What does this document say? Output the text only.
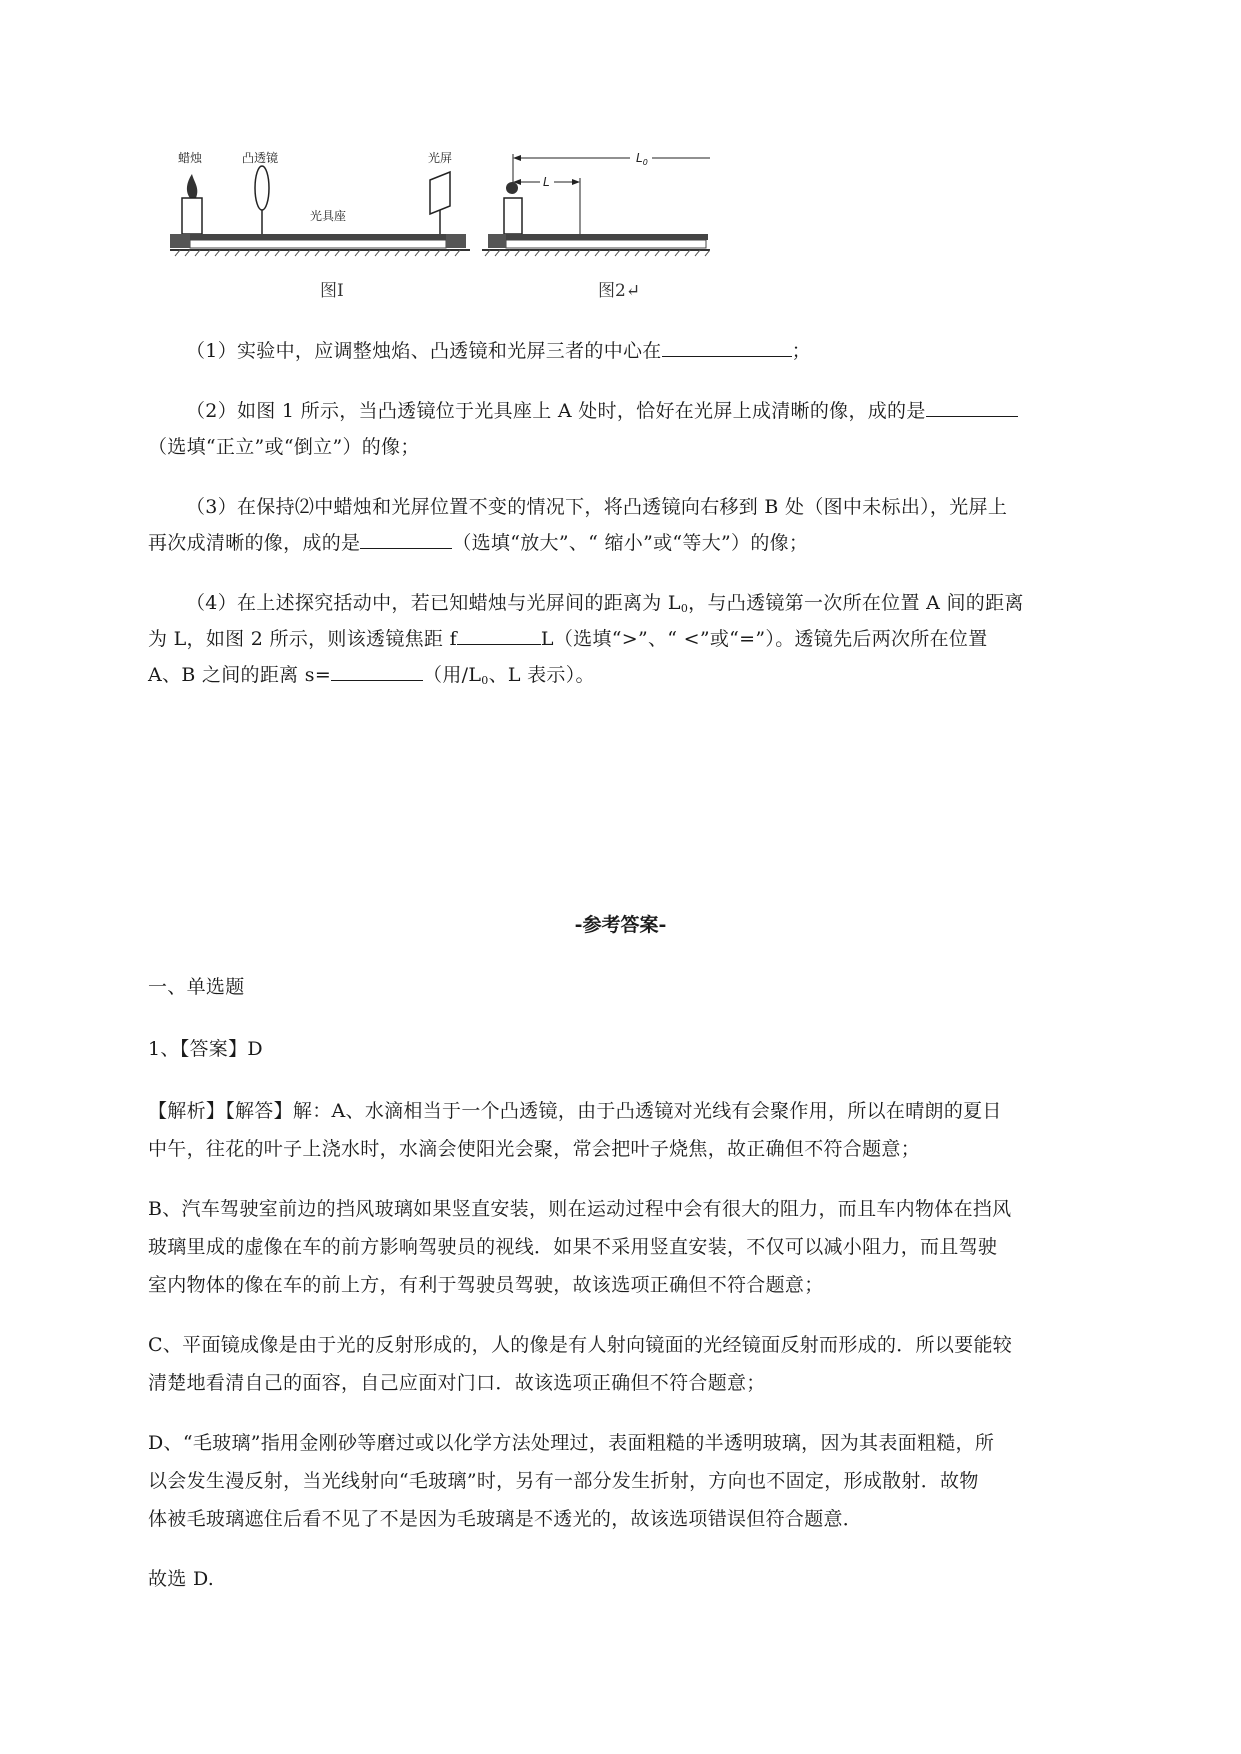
蜡烛	凸透镜	光屏
光具座
图I
$L_0$
L
图2↵
（1）实验中，应调整烛焰、凸透镜和光屏三者的中心在	；
（2）如图 1 所示，当凸透镜位于光具座上 A 处时，恰好在光屏上成清晰的像，成的是
（选填“正立”或“倒立”）的像；
（3）在保持⑵中蜡烛和光屏位置不变的情况下，将凸透镜向右移到 B 处（图中未标出），光屏上
再次成清晰的像，成的是	（选填“放大”、“ 缩小”或“等大”）的像；
（4）在上述探究括动中，若已知蜡烛与光屏间的距离为 $L_0$，与凸透镜第一次所在位置 A 间的距离
为 L，如图 2 所示，则该透镜焦距 f	L（选填“>”、“ <”或“=”）。透镜先后两次所在位置
A、B 之间的距离 s=	（用$/L_0$、L 表示）。
-参考答案-
一、单选题
1、【答案】D
【解析】【解答】解：A、水滴相当于一个凸透镜，由于凸透镜对光线有会聚作用，所以在晴朗的夏日
中午，往花的叶子上浇水时，水滴会使阳光会聚，常会把叶子烧焦，故正确但不符合题意；
B、汽车驾驶室前边的挡风玻璃如果竖直安装，则在运动过程中会有很大的阻力，而且车内物体在挡风
玻璃里成的虚像在车的前方影响驾驶员的视线．如果不采用竖直安装，不仅可以减小阻力，而且驾驶
室内物体的像在车的前上方，有利于驾驶员驾驶，故该选项正确但不符合题意；
C、平面镜成像是由于光的反射形成的，人的像是有人射向镜面的光经镜面反射而形成的．所以要能较
清楚地看清自己的面容，自己应面对门口．故该选项正确但不符合题意；
D、“毛玻璃”指用金刚砂等磨过或以化学方法处理过，表面粗糙的半透明玻璃，因为其表面粗糙，所
以会发生漫反射，当光线射向“毛玻璃”时，另有一部分发生折射，方向也不固定，形成散射．故物
体被毛玻璃遮住后看不见了不是因为毛玻璃是不透光的，故该选项错误但符合题意．
故选 D.
